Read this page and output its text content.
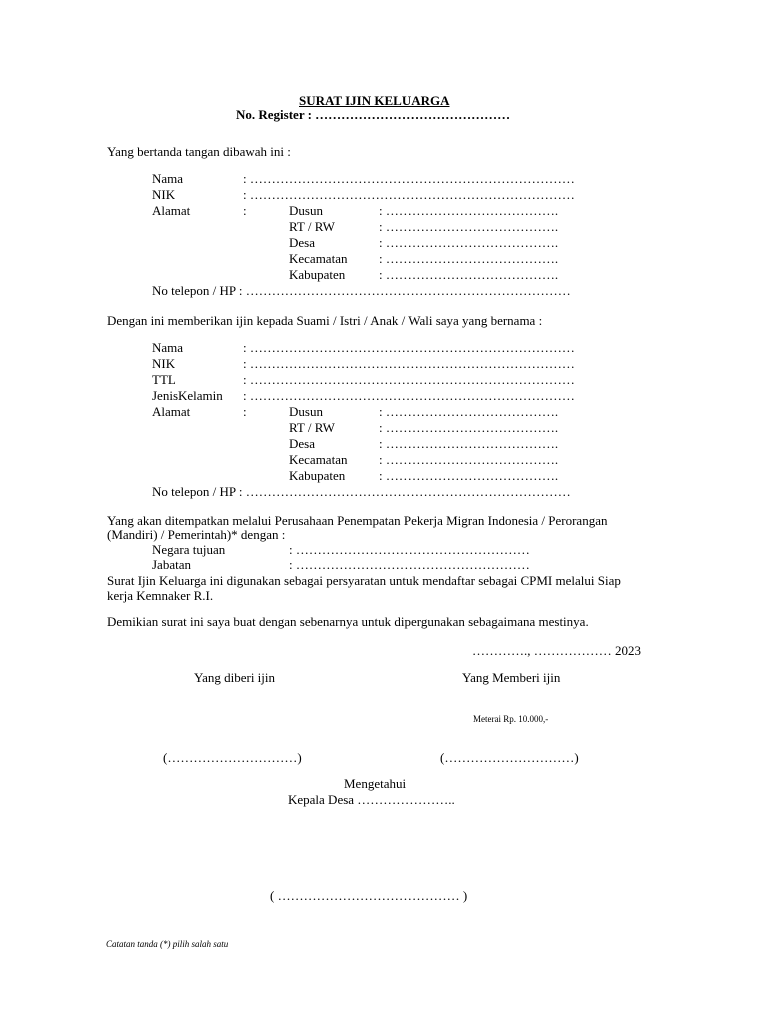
SURAT IJIN KELUARGA
No. Register : ………………………………………
Yang bertanda tangan dibawah ini :
Nama	: …………………………………………………………………
NIK	: …………………………………………………………………
Alamat	:	Dusun	: ………………………………….
RT / RW	: ………………………………….
Desa	: ………………………………….
Kecamatan : ………………………………….
Kabupaten	: ………………………………….
No telepon / HP : …………………………………………………………………
Dengan ini memberikan ijin kepada Suami / Istri / Anak / Wali saya yang bernama :
Nama	: …………………………………………………………………
NIK	: …………………………………………………………………
TTL	: …………………………………………………………………
JenisKelamin : …………………………………………………………………
Alamat	:	Dusun	: ………………………………….
RT / RW	: ………………………………….
Desa	: ………………………………….
Kecamatan : ………………………………….
Kabupaten	: ………………………………….
No telepon / HP : …………………………………………………………………
Yang akan ditempatkan melalui Perusahaan Penempatan Pekerja Migran Indonesia / Perorangan
(Mandiri) / Pemerintah)* dengan :
Negara tujuan	: ………………………………………………
Jabatan	: ………………………………………………
Surat Ijin Keluarga ini digunakan sebagai persyaratan untuk mendaftar sebagai CPMI melalui Siap
kerja Kemnaker R.I.
Demikian surat ini saya buat dengan sebenarnya untuk dipergunakan sebagaimana mestinya.
…………., ……………… 2023
Yang diberi ijin	Yang Memberi ijin
Meterai Rp. 10.000,-
(…………………………)	(…………………………)
Mengetahui
Kepala Desa …………………..
( …………………………………… )
Catatan tanda (*) pilih salah satu
